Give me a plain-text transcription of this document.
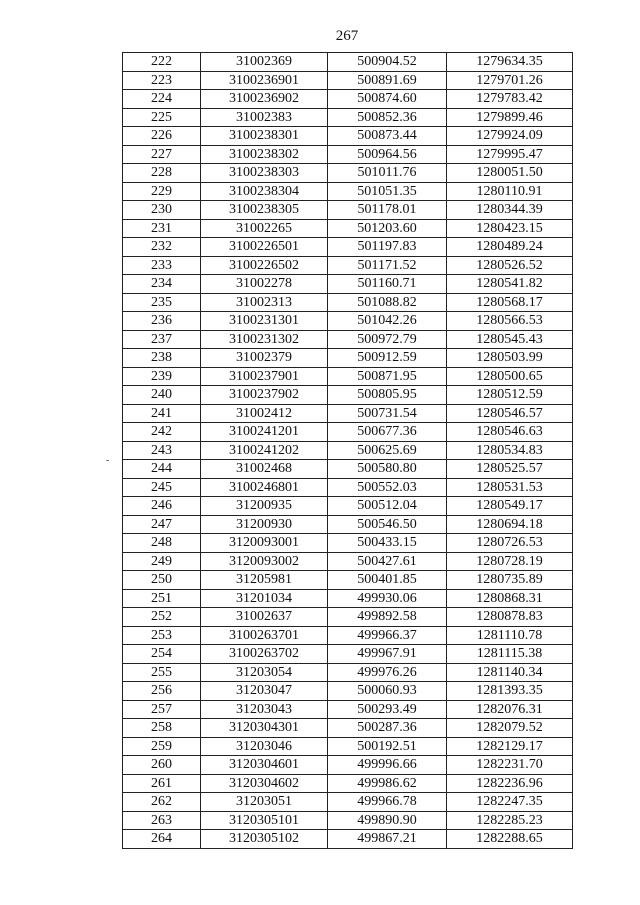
267
-
222	31002369	500904.52	1279634.35
223	3100236901	500891.69	1279701.26
224	3100236902	500874.60	1279783.42
225	31002383	500852.36	1279899.46
226	3100238301	500873.44	1279924.09
227	3100238302	500964.56	1279995.47
228	3100238303	501011.76	1280051.50
229	3100238304	501051.35	1280110.91
230	3100238305	501178.01	1280344.39
231	31002265	501203.60	1280423.15
232	3100226501	501197.83	1280489.24
233	3100226502	501171.52	1280526.52
234	31002278	501160.71	1280541.82
235	31002313	501088.82	1280568.17
236	3100231301	501042.26	1280566.53
237	3100231302	500972.79	1280545.43
238	31002379	500912.59	1280503.99
239	3100237901	500871.95	1280500.65
240	3100237902	500805.95	1280512.59
241	31002412	500731.54	1280546.57
242	3100241201	500677.36	1280546.63
243	3100241202	500625.69	1280534.83
244	31002468	500580.80	1280525.57
245	3100246801	500552.03	1280531.53
246	31200935	500512.04	1280549.17
247	31200930	500546.50	1280694.18
248	3120093001	500433.15	1280726.53
249	3120093002	500427.61	1280728.19
250	31205981	500401.85	1280735.89
251	31201034	499930.06	1280868.31
252	31002637	499892.58	1280878.83
253	3100263701	499966.37	1281110.78
254	3100263702	499967.91	1281115.38
255	31203054	499976.26	1281140.34
256	31203047	500060.93	1281393.35
257	31203043	500293.49	1282076.31
258	3120304301	500287.36	1282079.52
259	31203046	500192.51	1282129.17
260	3120304601	499996.66	1282231.70
261	3120304602	499986.62	1282236.96
262	31203051	499966.78	1282247.35
263	3120305101	499890.90	1282285.23
264	3120305102	499867.21	1282288.65
